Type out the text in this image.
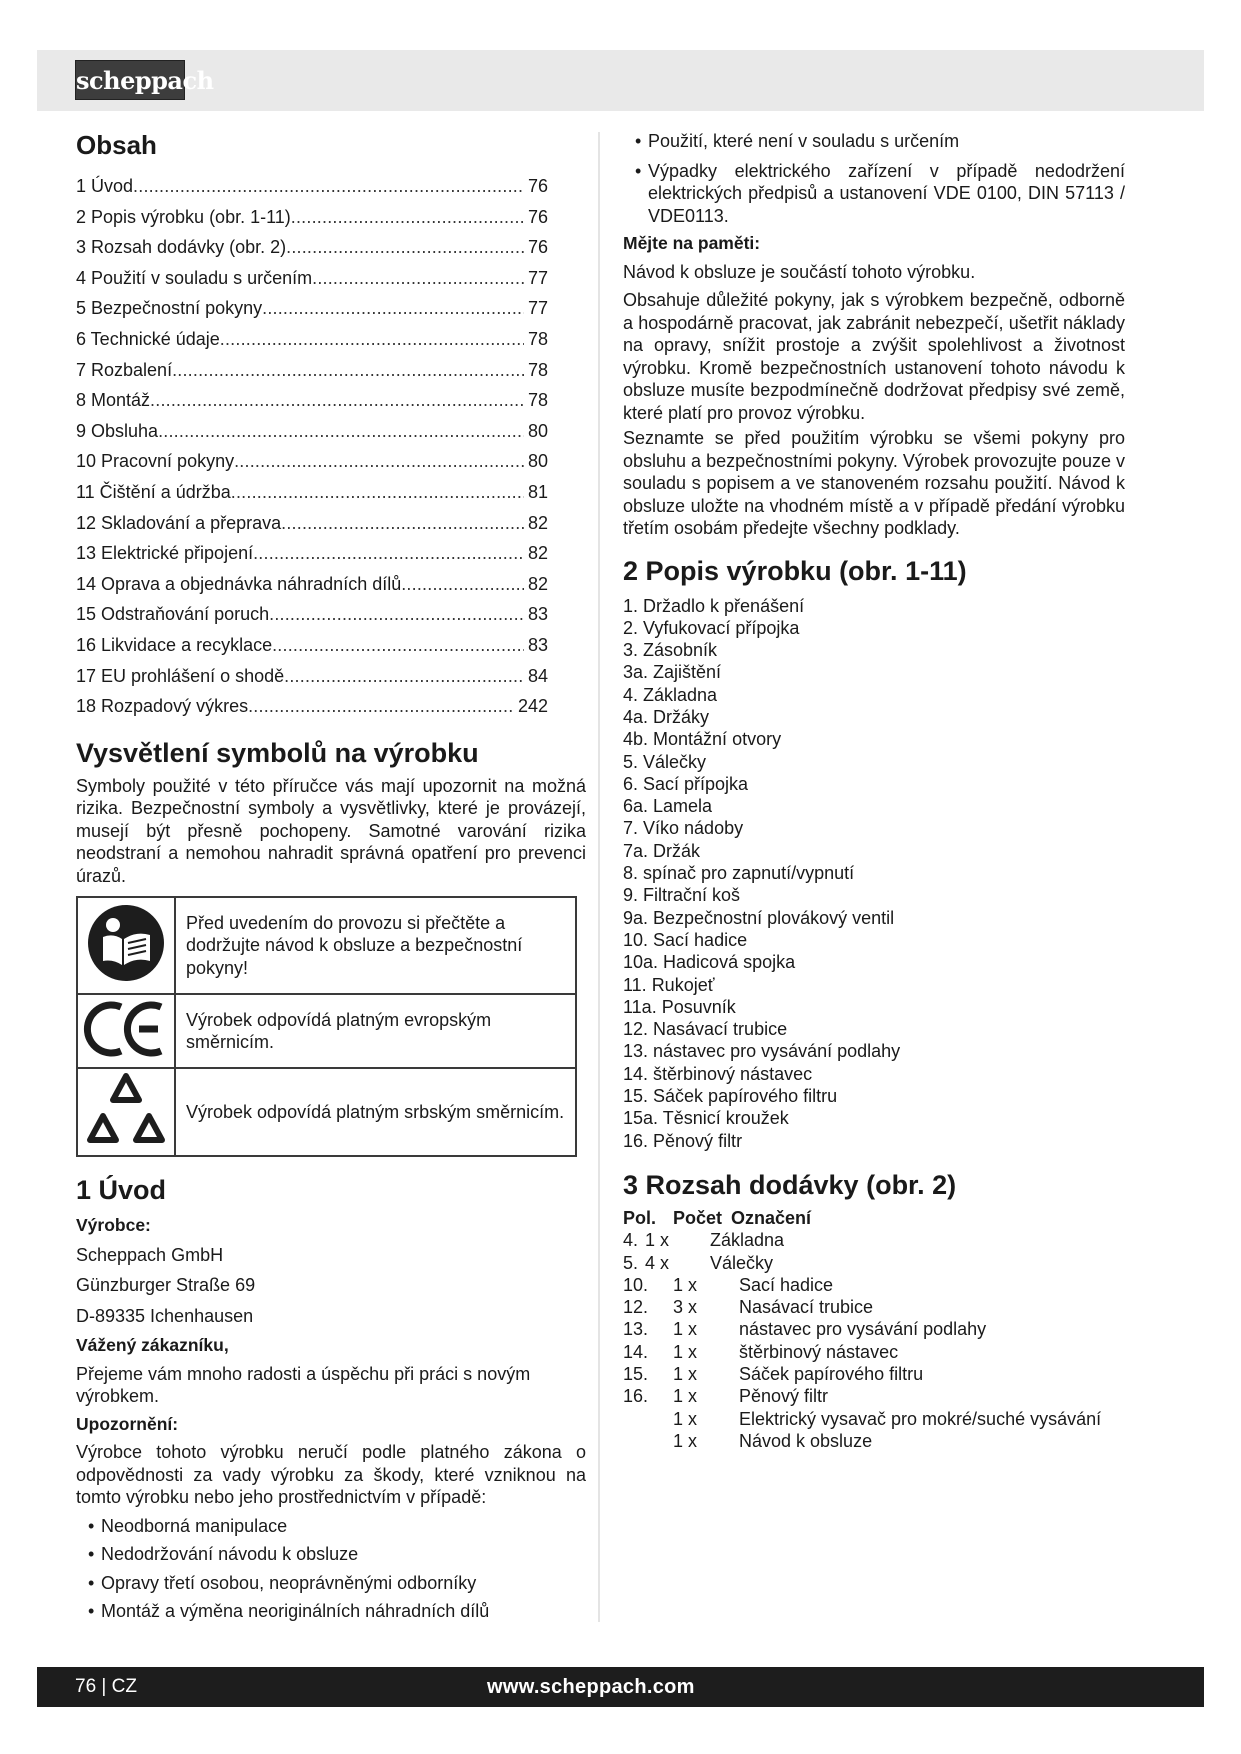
scheppach
Obsah
1 Úvod . . .	76
2 Popis výrobku (obr. 1-11) . . .	76
3 Rozsah dodávky (obr. 2) . . .	76
4 Použití v souladu s určením . . .	77
5 Bezpečnostní pokyny . . .	77
6 Technické údaje . . .	78
7 Rozbalení . . .	78
8 Montáž . . .	78
9 Obsluha . . .	80
10 Pracovní pokyny . . .	80
11 Čištění a údržba . . .	81
12 Skladování a přeprava . . .	82
13 Elektrické připojení . . .	82
14 Oprava a objednávka náhradních dílů . . .	82
15 Odstraňování poruch . . .	83
16 Likvidace a recyklace . . .	83
17 EU prohlášení o shodě . . .	84
18 Rozpadový výkres . . .	242
Vysvětlení symbolů na výrobku

Symboly použité v této příručce vás mají upozornit na možná rizika. Bezpečnostní symboly a vysvětlivky, které je provázejí, musejí být přesně pochopeny. Samotné varování rizika neodstraní a nemohou nahradit správná opatření pro prevenci úrazů.

	Před uvedením do provozu si přečtěte a dodržujte návod k obsluze a bezpečnostní pokyny!
	Výrobek odpovídá platným evropským směrnicím.
	Výrobek odpovídá platným srbským směrnicím.
1 Úvod

Výrobce:

Scheppach GmbH

Günzburger Straße 69

D-89335 Ichenhausen

Vážený zákazníku,

Přejeme vám mnoho radosti a úspěchu při práci s novým výrobkem.

Upozornění:

Výrobce tohoto výrobku neručí podle platného zákona o odpovědnosti za vady výrobku za škody, které vzniknou na tomto výrobku nebo jeho prostřednictvím v případě:

• Neodborná manipulace
• Nedodržování návodu k obsluze
• Opravy třetí osobou, neoprávněnými odborníky
• Montáž a výměna neoriginálních náhradních dílů
• Použití, které není v souladu s určením
• Výpadky elektrického zařízení v případě nedodržení elektrických předpisů a ustanovení VDE 0100, DIN 57113 / VDE0113.

Mějte na paměti:

Návod k obsluze je součástí tohoto výrobku.

Obsahuje důležité pokyny, jak s výrobkem bezpečně, odborně a hospodárně pracovat, jak zabránit nebezpečí, ušetřit náklady na opravy, snížit prostoje a zvýšit spolehlivost a životnost výrobku. Kromě bezpečnostních ustanovení tohoto návodu k obsluze musíte bezpodmínečně dodržovat předpisy své země, které platí pro provoz výrobku.

Seznamte se před použitím výrobku se všemi pokyny pro obsluhu a bezpečnostními pokyny. Výrobek provozujte pouze v souladu s popisem a ve stanoveném rozsahu použití. Návod k obsluze uložte na vhodném místě a v případě předání výrobku třetím osobám předejte všechny podklady.

2 Popis výrobku (obr. 1-11)
1. Držadlo k přenášení
2. Vyfukovací přípojka
3. Zásobník
3a. Zajištění
4. Základna
4a. Držáky
4b. Montážní otvory
5. Válečky
6. Sací přípojka
6a. Lamela
7. Víko nádoby
7a. Držák
8. spínač pro zapnutí/vypnutí
9. Filtrační koš
9a. Bezpečnostní plovákový ventil
10. Sací hadice
10a. Hadicová spojka
11. Rukojeť
11a. Posuvník
12. Nasávací trubice
13. nástavec pro vysávání podlahy
14. štěrbinový nástavec
15. Sáček papírového filtru
15a. Těsnicí kroužek
16. Pěnový filtr
3 Rozsah dodávky (obr. 2)
Pol. Počet Označení
4. 1 x	Základna
5. 4 x	Válečky
10.	1 x	Sací hadice
12.	3 x	Nasávací trubice
13.	1 x	nástavec pro vysávání podlahy
14.	1 x	štěrbinový nástavec
15.	1 x	Sáček papírového filtru
16.	1 x	Pěnový filtr
1 x	Elektrický vysavač pro mokré/suché vysávání
1 x	Návod k obsluze
76 | CZ	www.scheppach.com
